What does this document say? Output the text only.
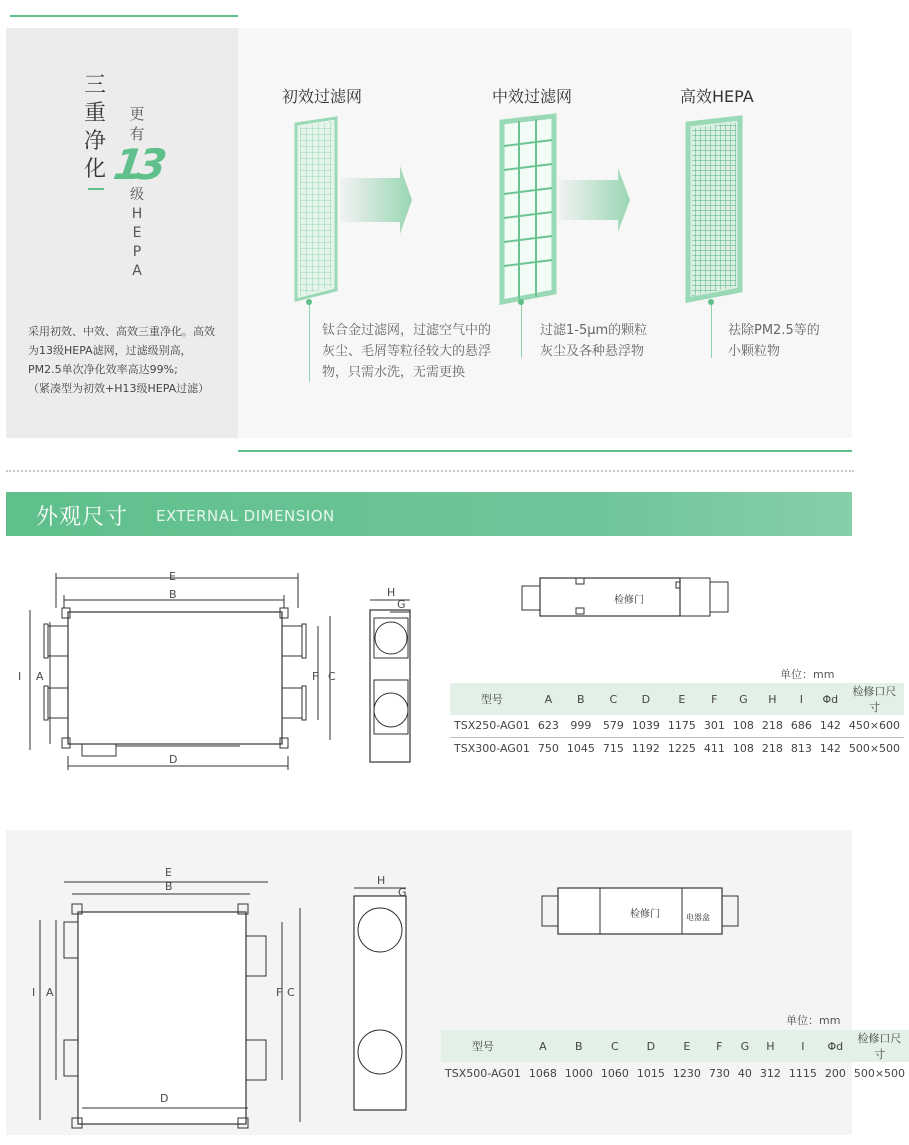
三
重
净
化
更
有
13
级
H
E
P
A
采用初效、中效、高效三重净化。高效
为13级HEPA滤网，过滤级别高，
PM2.5单次净化效率高达99%;
（紧凑型为初效+H13级HEPA过滤）
初效过滤网	中效过滤网	高效HEPA
钛合金过滤网，过滤空气中的
灰尘、毛屑等粒径较大的悬浮
物，只需水洗，无需更换
过滤1-5μm的颗粒
灰尘及各种悬浮物
祛除PM2.5等的
小颗粒物
外观尺寸 EXTERNAL DIMENSION
E
B
D
I A	F C
H
G	检修门
单位：mm
型号	A	B	C	D	E	F	G	H	I	Φd	检修口尺寸
TSX250-AG01	623	999	579	1039	1175	301	108	218	686	142	450×600
TSX300-AG01	750	1045	715	1192	1225	411	108	218	813	142	500×500
E
B
D
I A	F C
H
G
检修门	电器盒
单位：mm
型号	A	B	C	D	E	F	G	H	I	Φd	检修口尺寸
TSX500-AG01	1068	1000	1060	1015	1230	730	40	312	1115	200	500×500
